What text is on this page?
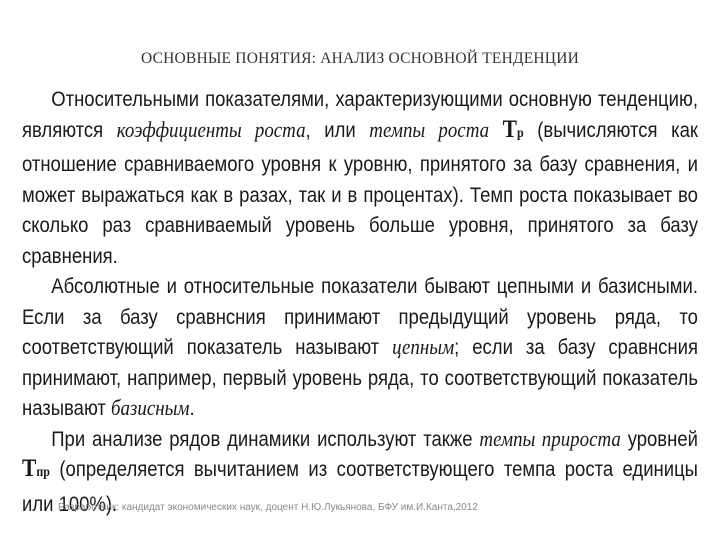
ОСНОВНЫЕ ПОНЯТИЯ: АНАЛИЗ ОСНОВНОЙ ТЕНДЕНЦИИ

Относительными показателями, характеризующими основную тенденцию, являются коэффициенты роста, или темпы роста Тр (вычисляются как отношение сравниваемого уровня к уровню, принятого за базу сравнения, и может выражаться как в разах, так и в процентах). Темп роста показывает во сколько раз сравниваемый уровень больше уровня, принятого за базу сравнения.

Абсолютные и относительные показатели бывают цепными и базисными. Если за базу сравнсния принимают предыдущий уровень ряда, то соответствующий показатель называют цепным; если за базу сравнсния принимают, например, первый уровень ряда, то соответствующий показатель называют базисным.

При анализе рядов динамики используют также темпы прироста уровней Тпр (определяется вычитанием из соответствующего темпа роста единицы или 100%).

Разработчик: кандидат экономических наук, доцент Н.Ю.Лукьянова, БФУ им.И.Канта,2012
